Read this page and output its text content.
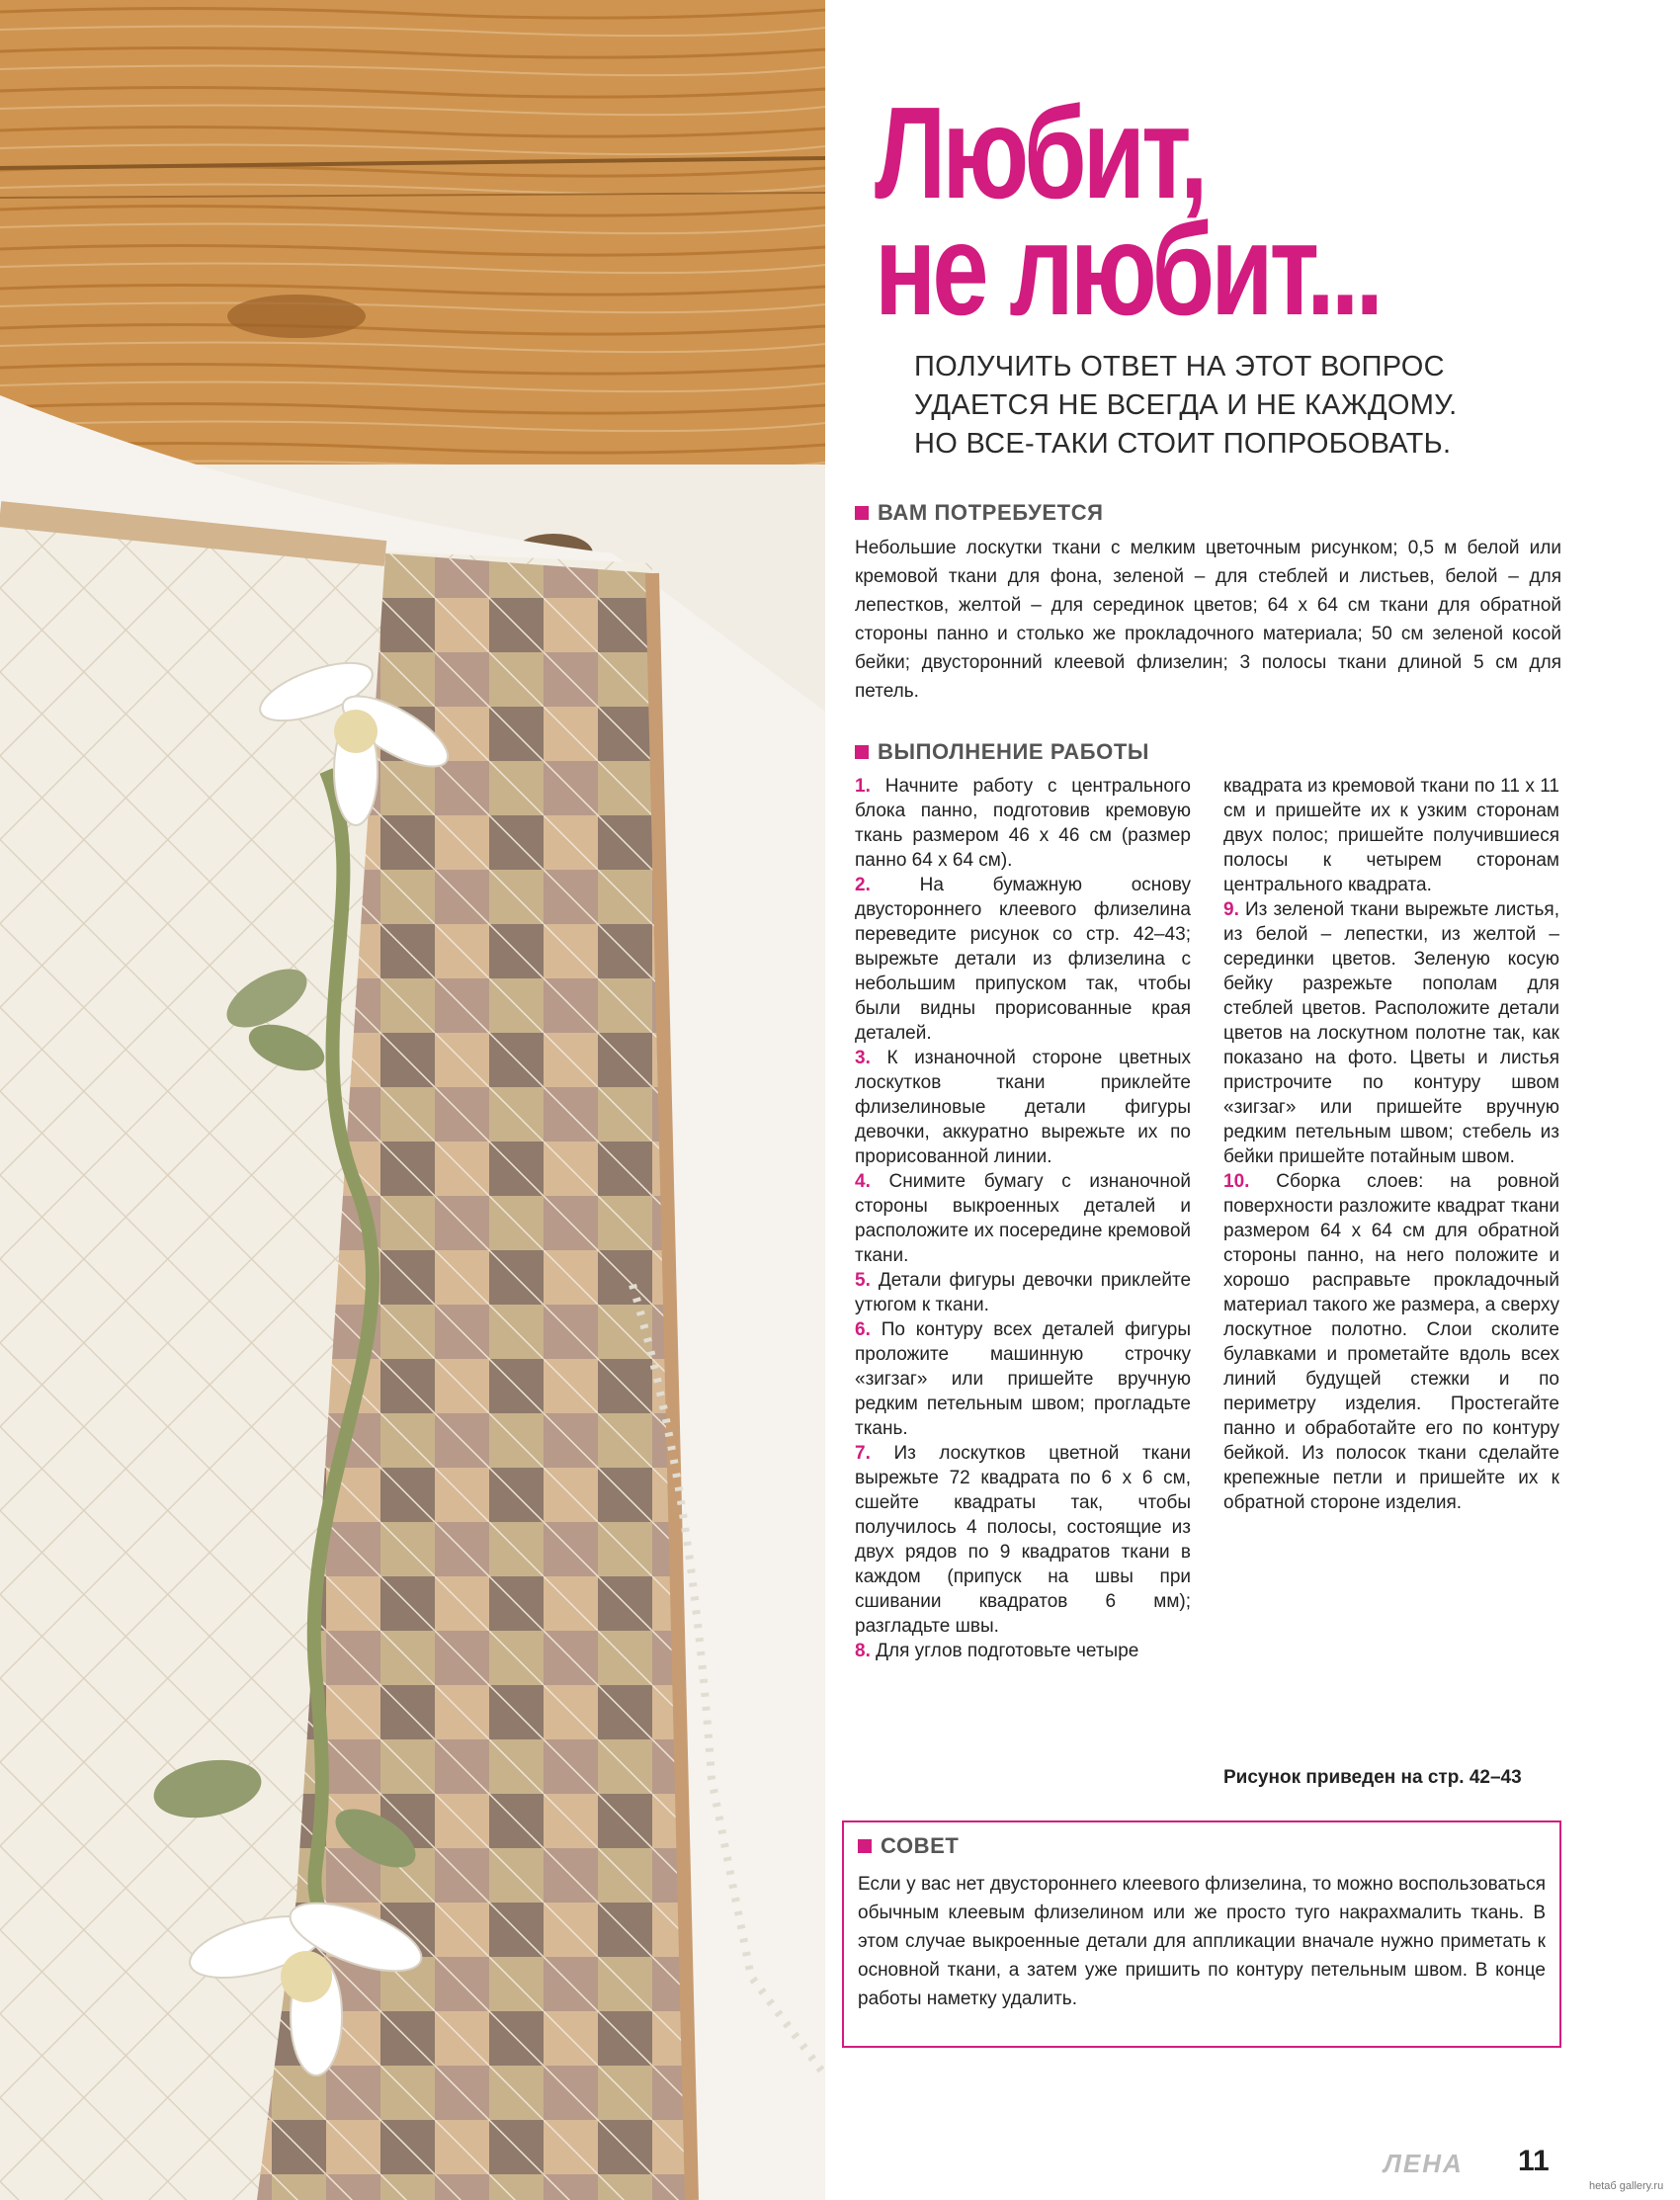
Любит,
не любит...

ПОЛУЧИТЬ ОТВЕТ НА ЭТОТ ВОПРОС
УДАЕТСЯ НЕ ВСЕГДА И НЕ КАЖДОМУ.
НО ВСЕ-ТАКИ СТОИТ ПОПРОБОВАТЬ.

ВАМ ПОТРЕБУЕТСЯ

Небольшие лоскутки ткани с мелким цветочным рисунком; 0,5 м белой или кремовой ткани для фона, зеленой – для стеблей и листьев, белой – для лепестков, желтой – для серединок цветов; 64 х 64 см ткани для обратной стороны панно и столько же прокладочного материала; 50 см зеленой косой бейки; двусторонний клеевой флизелин; 3 полосы ткани длиной 5 см для петель.

ВЫПОЛНЕНИЕ РАБОТЫ

1. Начните работу с центрального блока панно, подготовив кремовую ткань размером 46 х 46 см (размер панно 64 х 64 см).

2.	На бумажную основу двустороннего клеевого флизелина переведите рисунок со стр. 42–43; вырежьте детали из флизелина с небольшим припуском так, чтобы были видны прорисованные края деталей.

3. К изнаночной стороне цветных лоскутков ткани приклейте флизелиновые детали фигуры девочки, аккуратно вырежьте их по прорисованной линии.

4. Снимите бумагу с изнаночной стороны выкроенных деталей и расположите их посередине кремовой ткани.

5. Детали фигуры девочки приклейте утюгом к ткани.

6. По контуру всех деталей фигуры проложите машинную строчку «зигзаг» или пришейте вручную редким петельным швом; прогладьте ткань.

7. Из лоскутков цветной ткани вырежьте 72 квадрата по 6 х 6 см, сшейте квадраты так, чтобы получилось 4 полосы, состоящие из двух рядов по 9 квадратов ткани в каждом (припуск на швы при сшивании квадратов 6 мм); разгладьте швы.

8. Для углов подготовьте четыре

квадрата из кремовой ткани по 11 х 11 см и пришейте их к узким сторонам двух полос; пришейте получившиеся полосы к четырем сторонам центрального квадрата.

9. Из зеленой ткани вырежьте листья, из белой – лепестки, из желтой – серединки цветов. Зеленую косую бейку разрежьте пополам для стеблей цветов. Расположите детали цветов на лоскутном полотне так, как показано на фото. Цветы и листья пристрочите по контуру швом «зигзаг» или пришейте вручную редким петельным швом; стебель из бейки пришейте потайным швом.

10. Сборка слоев: на ровной поверхности разложите квадрат ткани размером 64 х 64 см для обратной стороны панно, на него положите и хорошо расправьте прокладочный материал такого же размера, а сверху лоскутное полотно. Слои сколите булавками и прометайте вдоль всех линий будущей стежки и по периметру изделия. Простегайте панно и обработайте его по контуру бейкой. Из полосок ткани сделайте крепежные петли и пришейте их к обратной стороне изделия.

Рисунок приведен на стр. 42–43

СОВЕТ

Если у вас нет двустороннего клеевого флизелина, то можно воспользоваться обычным клеевым флизелином или же просто туго накрахмалить ткань. В этом случае выкроенные детали для аппликации вначале нужно приметать к основной ткани, а затем уже пришить по контуру петельным швом. В конце работы наметку удалить.

ЛЕНА 11

hetaб gallery.ru
